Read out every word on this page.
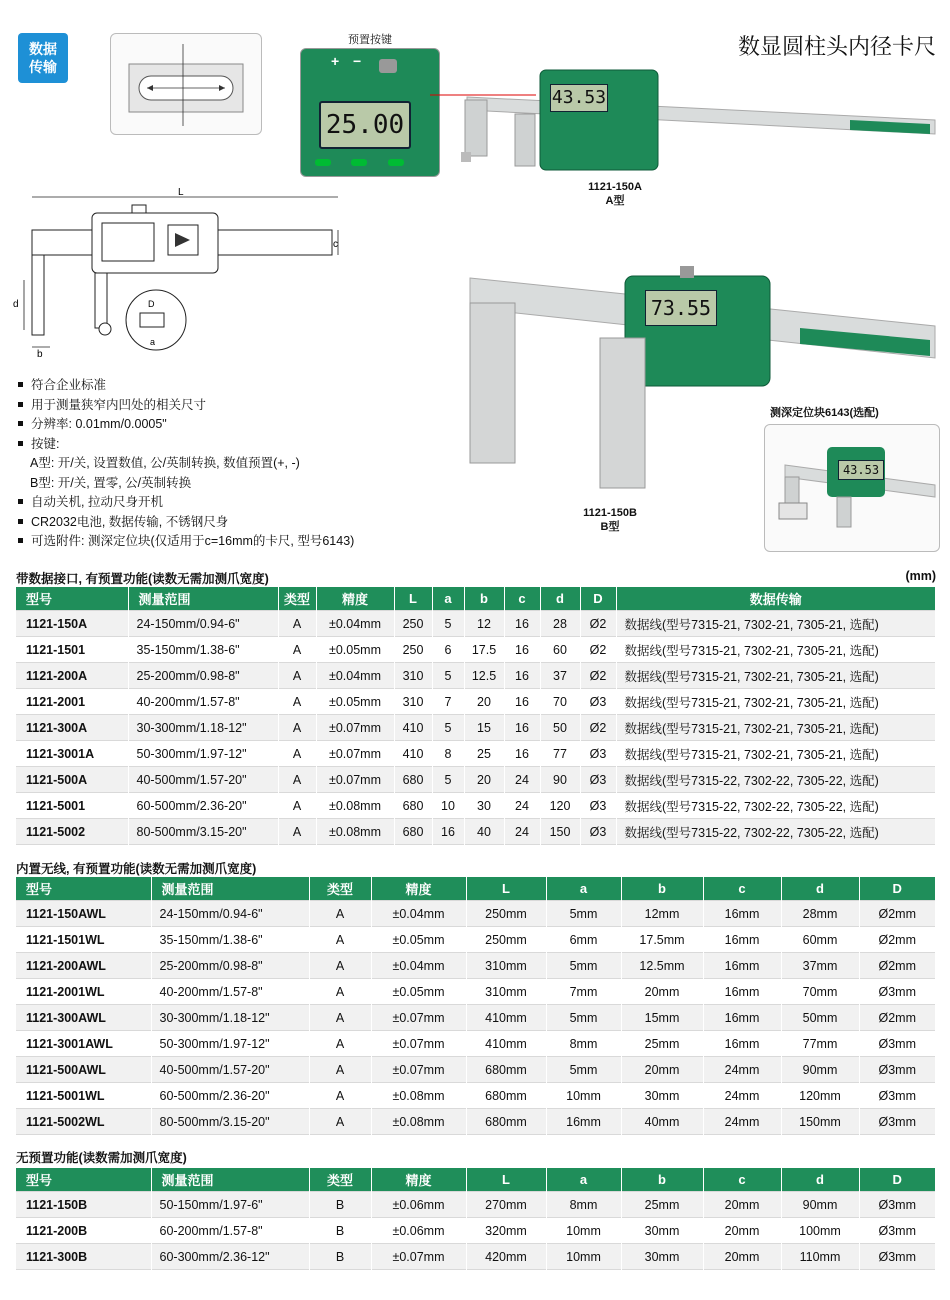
数据
传输
数显圆柱头内径卡尺
预置按键
+ −
25.00

43.53
1121-150A
A型
L
c
d
b
D
a
73.55
1121-150B
B型
测深定位块6143(选配)
43.53
符合企业标准
用于测量狭窄内凹处的相关尺寸
分辨率: 0.01mm/0.0005"
按键:
A型: 开/关, 设置数值, 公/英制转换, 数值预置(+, -)
B型: 开/关, 置零, 公/英制转换
自动关机, 拉动尺身开机
CR2032电池, 数据传输, 不锈钢尺身
可选附件: 测深定位块(仅适用于c=16mm的卡尺, 型号6143)
带数据接口, 有预置功能(读数无需加测爪宽度)	(mm)
型号	测量范围	类型	精度	L	a	b	c	d	D	数据传输
1121-150A	24-150mm/0.94-6"	A	±0.04mm	250	5	12	16	28	Ø2	数据线(型号7315-21, 7302-21, 7305-21, 选配)
1121-1501	35-150mm/1.38-6"	A	±0.05mm	250	6	17.5	16	60	Ø2	数据线(型号7315-21, 7302-21, 7305-21, 选配)
1121-200A	25-200mm/0.98-8"	A	±0.04mm	310	5	12.5	16	37	Ø2	数据线(型号7315-21, 7302-21, 7305-21, 选配)
1121-2001	40-200mm/1.57-8"	A	±0.05mm	310	7	20	16	70	Ø3	数据线(型号7315-21, 7302-21, 7305-21, 选配)
1121-300A	30-300mm/1.18-12"	A	±0.07mm	410	5	15	16	50	Ø2	数据线(型号7315-21, 7302-21, 7305-21, 选配)
1121-3001A	50-300mm/1.97-12"	A	±0.07mm	410	8	25	16	77	Ø3	数据线(型号7315-21, 7302-21, 7305-21, 选配)
1121-500A	40-500mm/1.57-20"	A	±0.07mm	680	5	20	24	90	Ø3	数据线(型号7315-22, 7302-22, 7305-22, 选配)
1121-5001	60-500mm/2.36-20"	A	±0.08mm	680	10	30	24	120	Ø3	数据线(型号7315-22, 7302-22, 7305-22, 选配)
1121-5002	80-500mm/3.15-20"	A	±0.08mm	680	16	40	24	150	Ø3	数据线(型号7315-22, 7302-22, 7305-22, 选配)
内置无线, 有预置功能(读数无需加测爪宽度)
型号	测量范围	类型	精度	L	a	b	c	d	D
1121-150AWL	24-150mm/0.94-6"	A	±0.04mm	250mm	5mm	12mm	16mm	28mm	Ø2mm
1121-1501WL	35-150mm/1.38-6"	A	±0.05mm	250mm	6mm	17.5mm	16mm	60mm	Ø2mm
1121-200AWL	25-200mm/0.98-8"	A	±0.04mm	310mm	5mm	12.5mm	16mm	37mm	Ø2mm
1121-2001WL	40-200mm/1.57-8"	A	±0.05mm	310mm	7mm	20mm	16mm	70mm	Ø3mm
1121-300AWL	30-300mm/1.18-12"	A	±0.07mm	410mm	5mm	15mm	16mm	50mm	Ø2mm
1121-3001AWL	50-300mm/1.97-12"	A	±0.07mm	410mm	8mm	25mm	16mm	77mm	Ø3mm
1121-500AWL	40-500mm/1.57-20"	A	±0.07mm	680mm	5mm	20mm	24mm	90mm	Ø3mm
1121-5001WL	60-500mm/2.36-20"	A	±0.08mm	680mm	10mm	30mm	24mm	120mm	Ø3mm
1121-5002WL	80-500mm/3.15-20"	A	±0.08mm	680mm	16mm	40mm	24mm	150mm	Ø3mm
无预置功能(读数需加测爪宽度)
型号	测量范围	类型	精度	L	a	b	c	d	D
1121-150B	50-150mm/1.97-6"	B	±0.06mm	270mm	8mm	25mm	20mm	90mm	Ø3mm
1121-200B	60-200mm/1.57-8"	B	±0.06mm	320mm	10mm	30mm	20mm	100mm	Ø3mm
1121-300B	60-300mm/2.36-12"	B	±0.07mm	420mm	10mm	30mm	20mm	110mm	Ø3mm
